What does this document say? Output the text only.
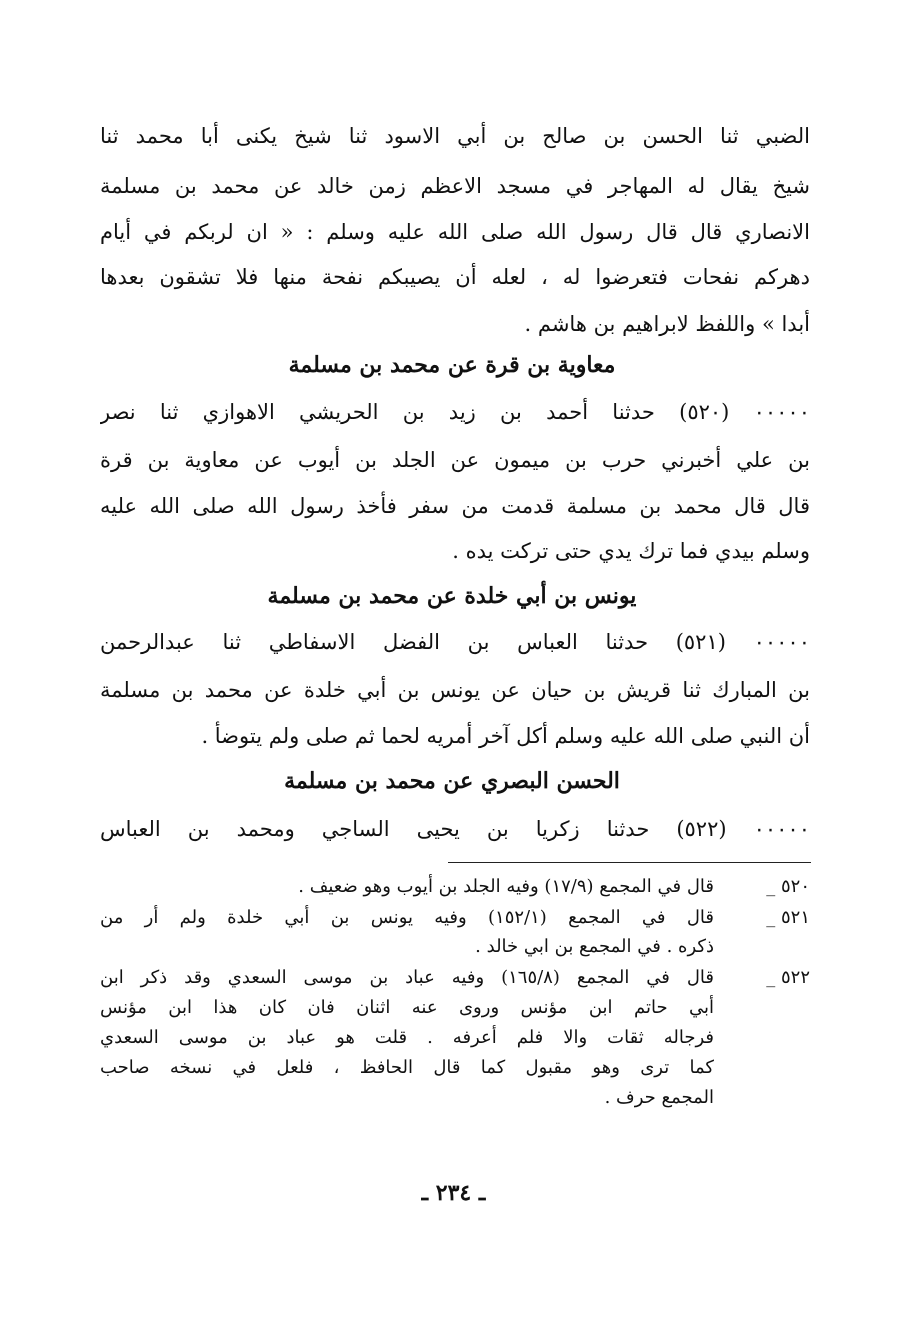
الضبي ثنا الحسن بن صالح بن أبي الاسود ثنا شيخ يكنى أبا محمد ثنا
شيخ يقال له المهاجر في مسجد الاعظم زمن خالد عن محمد بن مسلمة
الانصاري قال قال رسول الله صلى الله عليه وسلم : « ان لربكم في أيام
دهركم نفحات فتعرضوا له ، لعله أن يصيبكم نفحة منها فلا تشقون بعدها
أبدا » واللفظ لابراهيم بن هاشم .
معاوية بن قرة عن محمد بن مسلمة
٠٠٠٠٠ (٥٢٠) حدثنا أحمد بن زيد بن الحريشي الاهوازي ثنا نصر
بن علي أخبرني حرب بن ميمون عن الجلد بن أيوب عن معاوية بن قرة
قال قال محمد بن مسلمة قدمت من سفر فأخذ رسول الله صلى الله عليه
وسلم بيدي فما ترك يدي حتى تركت يده .
يونس بن أبي خلدة عن محمد بن مسلمة
٠٠٠٠٠ (٥٢١) حدثنا العباس بن الفضل الاسفاطي ثنا عبدالرحمن
بن المبارك ثنا قريش بن حيان عن يونس بن أبي خلدة عن محمد بن مسلمة
أن النبي صلى الله عليه وسلم أكل آخر أمريه لحما ثم صلى ولم يتوضأ .
الحسن البصري عن محمد بن مسلمة
٠٠٠٠٠ (٥٢٢) حدثنا زكريا بن يحيى الساجي ومحمد بن العباس
٥٢٠ _
قال في المجمع (١٧/٩) وفيه الجلد بن أيوب وهو ضعيف .
٥٢١ _
قال في المجمع (١٥٢/١) وفيه يونس بن أبي خلدة ولم أر من
ذكره . في المجمع بن ابي خالد .
٥٢٢ _
قال في المجمع (١٦٥/٨) وفيه عباد بن موسى السعدي وقد ذكر ابن
أبي حاتم ابن مؤنس وروى عنه اثنان فان كان هذا ابن مؤنس
فرجاله ثقات والا فلم أعرفه . قلت هو عباد بن موسى السعدي
كما ترى وهو مقبول كما قال الحافظ ، فلعل في نسخه صاحب
المجمع حرف .
ـ ٢٣٤ ـ
